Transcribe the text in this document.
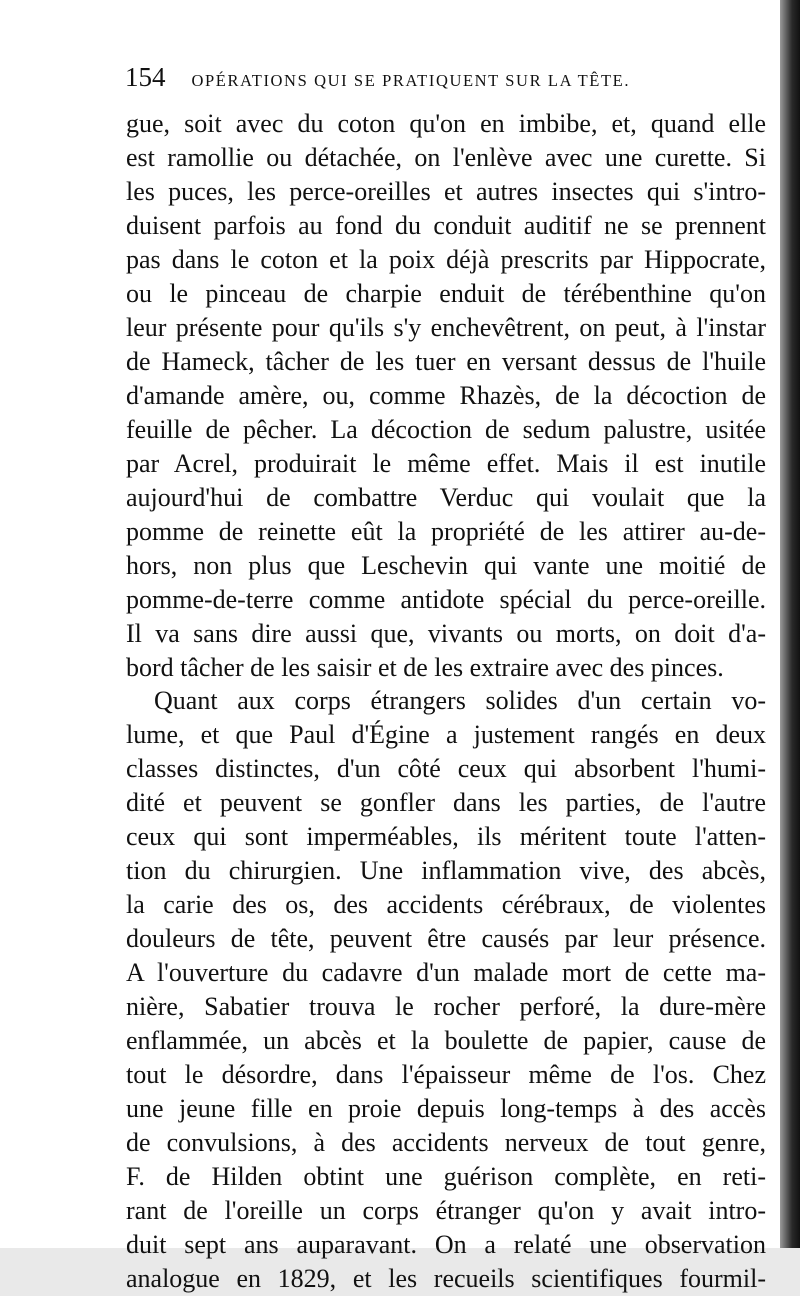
154 OPÉRATIONS QUI SE PRATIQUENT SUR LA TÊTE.
gue, soit avec du coton qu'on en imbibe, et, quand elle
est ramollie ou détachée, on l'enlève avec une curette. Si
les puces, les perce-oreilles et autres insectes qui s'intro-
duisent parfois au fond du conduit auditif ne se prennent
pas dans le coton et la poix déjà prescrits par Hippocrate,
ou le pinceau de charpie enduit de térébenthine qu'on
leur présente pour qu'ils s'y enchevêtrent, on peut, à l'instar
de Hameck, tâcher de les tuer en versant dessus de l'huile
d'amande amère, ou, comme Rhazès, de la décoction de
feuille de pêcher. La décoction de sedum palustre, usitée
par Acrel, produirait le même effet. Mais il est inutile
aujourd'hui de combattre Verduc qui voulait que la
pomme de reinette eût la propriété de les attirer au-de-
hors, non plus que Leschevin qui vante une moitié de
pomme-de-terre comme antidote spécial du perce-oreille.
Il va sans dire aussi que, vivants ou morts, on doit d'a-
bord tâcher de les saisir et de les extraire avec des pinces.
Quant aux corps étrangers solides d'un certain vo-
lume, et que Paul d'Égine a justement rangés en deux
classes distinctes, d'un côté ceux qui absorbent l'humi-
dité et peuvent se gonfler dans les parties, de l'autre
ceux qui sont imperméables, ils méritent toute l'atten-
tion du chirurgien. Une inflammation vive, des abcès,
la carie des os, des accidents cérébraux, de violentes
douleurs de tête, peuvent être causés par leur présence.
A l'ouverture du cadavre d'un malade mort de cette ma-
nière, Sabatier trouva le rocher perforé, la dure-mère
enflammée, un abcès et la boulette de papier, cause de
tout le désordre, dans l'épaisseur même de l'os. Chez
une jeune fille en proie depuis long-temps à des accès
de convulsions, à des accidents nerveux de tout genre,
F. de Hilden obtint une guérison complète, en reti-
rant de l'oreille un corps étranger qu'on y avait intro-
duit sept ans auparavant. On a relaté une observation
analogue en 1829, et les recueils scientifiques fourmil-
